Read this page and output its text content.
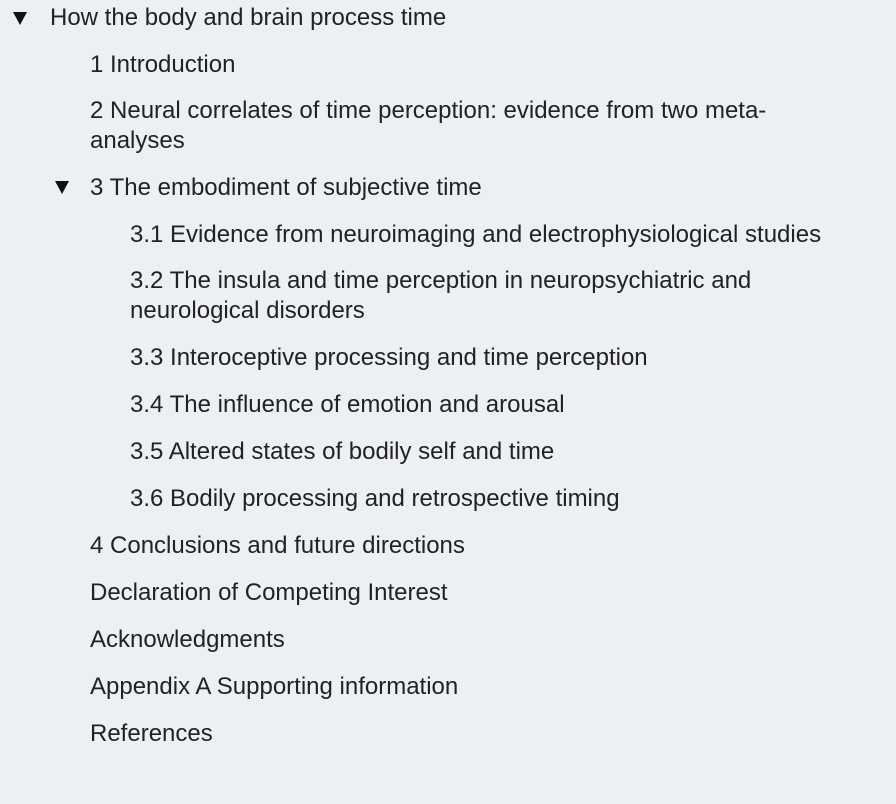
How the body and brain process time
1 Introduction
2 Neural correlates of time perception: evidence from two meta-analyses
3 The embodiment of subjective time
3.1 Evidence from neuroimaging and electrophysiological studies
3.2 The insula and time perception in neuropsychiatric and neurological disorders
3.3 Interoceptive processing and time perception
3.4 The influence of emotion and arousal
3.5 Altered states of bodily self and time
3.6 Bodily processing and retrospective timing
4 Conclusions and future directions
Declaration of Competing Interest
Acknowledgments
Appendix A Supporting information
References
